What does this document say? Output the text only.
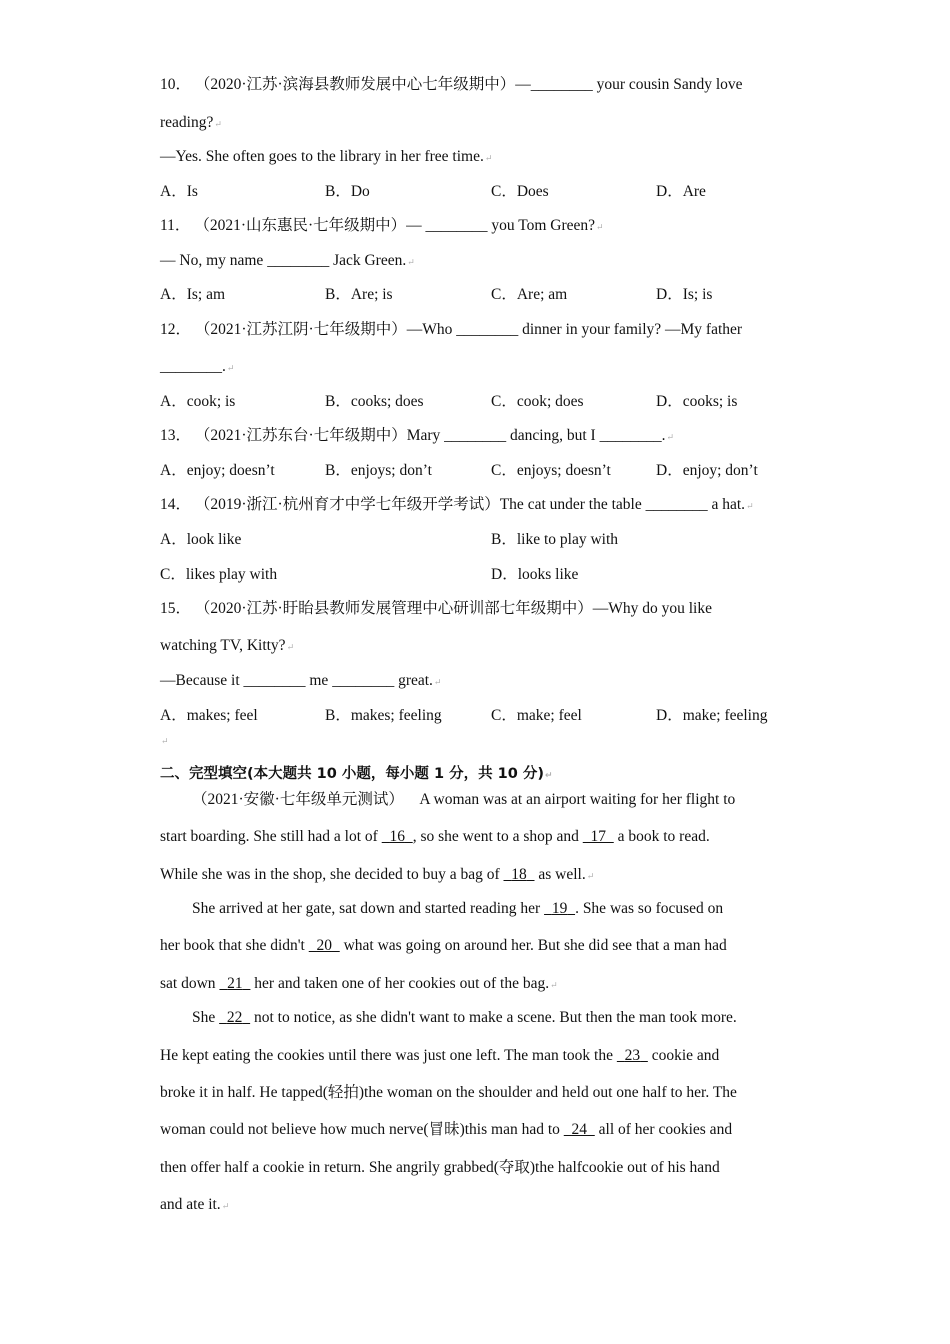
10． （2020·江苏·滨海县教师发展中心七年级期中）—________ your cousin Sandy love
reading?↵
—Yes. She often goes to the library in her free time.↵
A．Is	B．Do	C．Does	D．Are
11． （2021·山东惠民·七年级期中）— ________ you Tom Green?↵
— No, my name ________ Jack Green.↵
A．Is; am	B．Are; is	C．Are; am	D．Is; is
12． （2021·江苏江阴·七年级期中）—Who ________ dinner in your family? —My father
________.↵
A．cook; is	B．cooks; does	C．cook; does	D．cooks; is
13． （2021·江苏东台·七年级期中）Mary ________ dancing, but I ________.↵
A．enjoy; doesn’t	B．enjoys; don’t	C．enjoys; doesn’t	D．enjoy; don’t
14． （2019·浙江·杭州育才中学七年级开学考试）The cat under the table ________ a hat.↵
A．look like	B．like to play with
C．likes play with	D．looks like
15． （2020·江苏·盱眙县教师发展管理中心研训部七年级期中）—Why do you like
watching TV, Kitty?↵
—Because it ________ me ________ great.↵
A．makes; feel	B．makes; feeling	C．make; feel	D．make; feeling
↵
二、完型填空(本大题共 10 小题，每小题 1 分，共 10 分)↵
（2021·安徽·七年级单元测试） A woman was at an airport waiting for her flight to
start boarding. She still had a lot of   16 , so she went to a shop and   17   a book to read.
While she was in the shop, she decided to buy a bag of   18   as well.↵
She arrived at her gate, sat down and started reading her   19 . She was so focused on
her book that she didn't   20   what was going on around her. But she did see that a man had
sat down   21   her and taken one of her cookies out of the bag.↵
She   22   not to notice, as she didn't want to make a scene. But then the man took more.
He kept eating the cookies until there was just one left. The man took the   23   cookie and
broke it in half. He tapped(轻拍)the woman on the shoulder and held out one half to her. The
woman could not believe how much nerve(冒昧)this man had to   24   all of her cookies and
then offer half a cookie in return. She angrily grabbed(夺取)the halfcookie out of his hand
and ate it.↵
